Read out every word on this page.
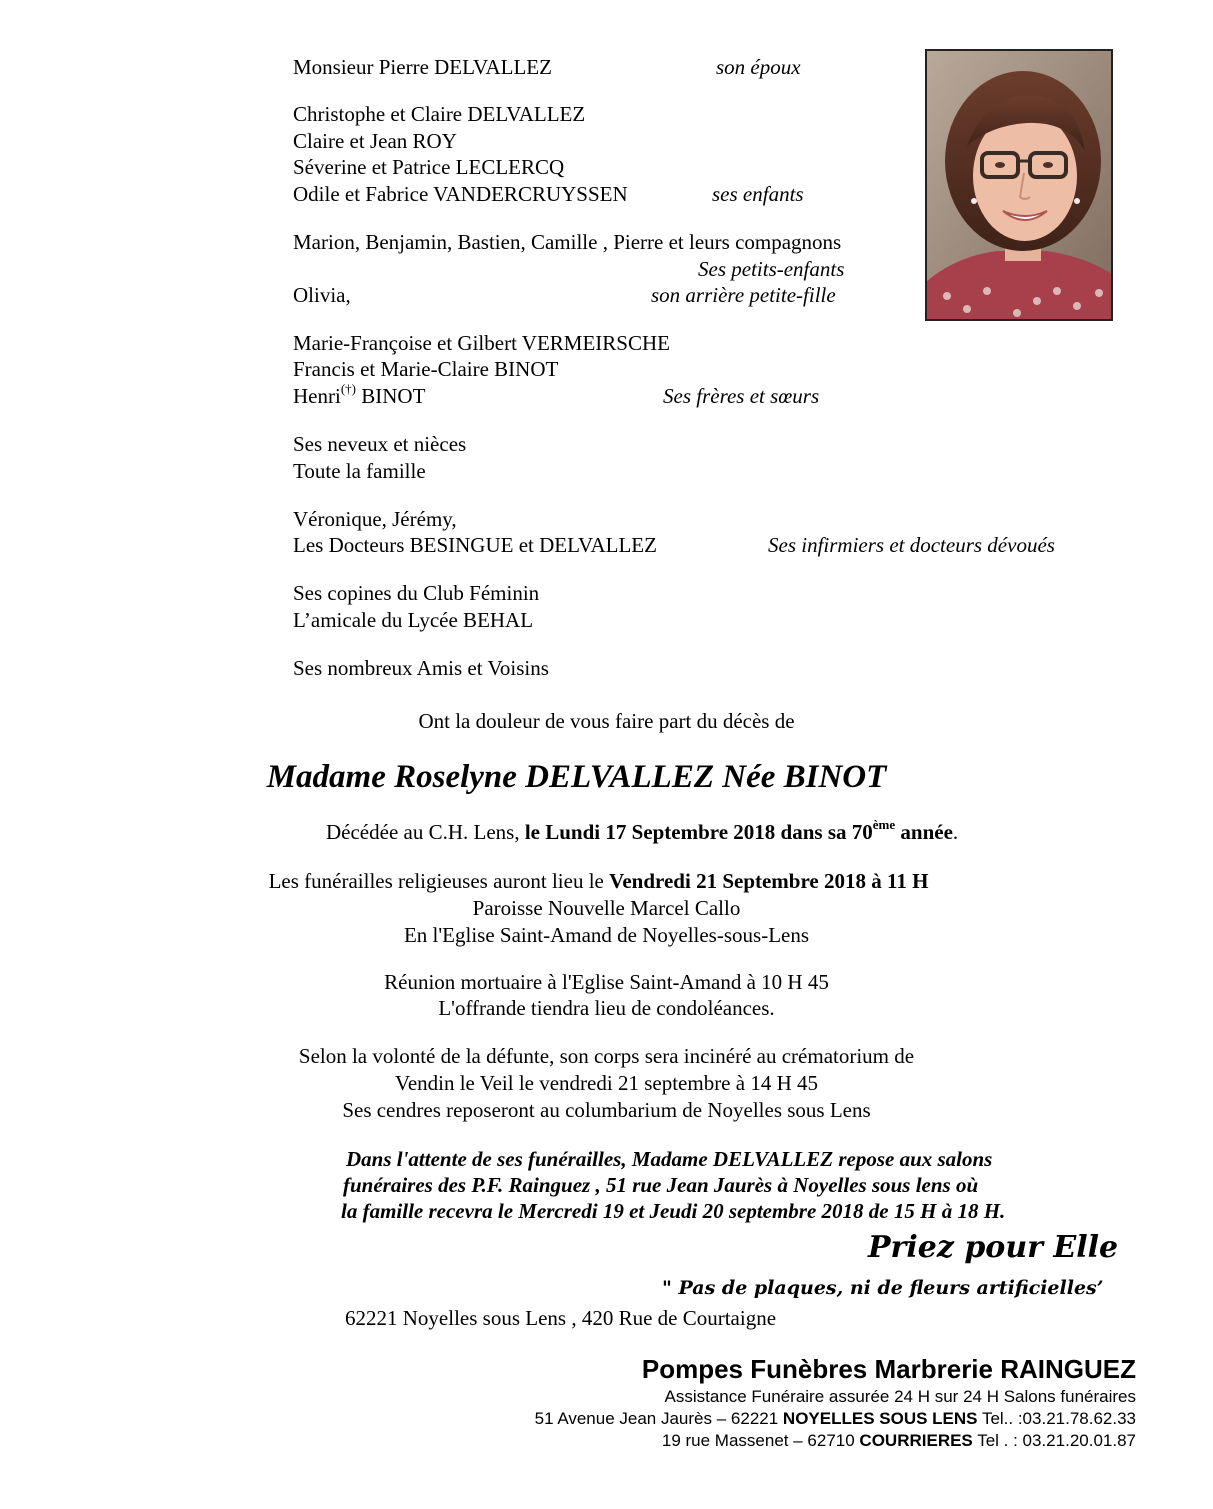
Monsieur Pierre DELVALLEZ	son époux
Christophe et Claire DELVALLEZ
Claire et Jean ROY
Séverine et Patrice LECLERCQ
Odile et Fabrice VANDERCRUYSSEN	ses enfants
Marion, Benjamin, Bastien, Camille , Pierre et leurs compagnons
Ses petits-enfants
Olivia,	son arrière petite-fille
Marie-Françoise et Gilbert VERMEIRSCHE
Francis et Marie-Claire BINOT
Henri(†) BINOT	Ses frères et sœurs
Ses neveux et nièces
Toute la famille
Véronique, Jérémy,
Les Docteurs BESINGUE et DELVALLEZ	Ses infirmiers et docteurs dévoués
Ses copines du Club Féminin
L’amicale du Lycée BEHAL
Ses nombreux Amis et Voisins
Ont la douleur de vous faire part du décès de
Madame Roselyne DELVALLEZ Née BINOT
Décédée au C.H. Lens, le Lundi 17 Septembre 2018 dans sa 70ème année.
Les funérailles religieuses auront lieu le Vendredi 21 Septembre 2018 à 11 H
Paroisse Nouvelle Marcel Callo
En l'Eglise Saint-Amand de Noyelles-sous-Lens
Réunion mortuaire à l'Eglise Saint-Amand à 10 H 45
L'offrande tiendra lieu de condoléances.
Selon la volonté de la défunte, son corps sera incinéré au crématorium de
Vendin le Veil le vendredi 21 septembre à 14 H 45
Ses cendres reposeront au columbarium de Noyelles sous Lens
Dans l'attente de ses funérailles, Madame DELVALLEZ repose aux salons
funéraires des P.F. Rainguez , 51 rue Jean Jaurès à Noyelles sous lens où
la famille recevra le Mercredi 19 et Jeudi 20 septembre 2018 de 15 H à 18 H.
Priez pour Elle
" Pas de plaques, ni de fleurs artificielles’
62221 Noyelles sous Lens , 420 Rue de Courtaigne
Pompes Funèbres Marbrerie RAINGUEZ
Assistance Funéraire assurée 24 H sur 24 H Salons funéraires
51 Avenue Jean Jaurès – 62221 NOYELLES SOUS LENS Tel.. :03.21.78.62.33
19 rue Massenet – 62710 COURRIERES Tel . : 03.21.20.01.87
